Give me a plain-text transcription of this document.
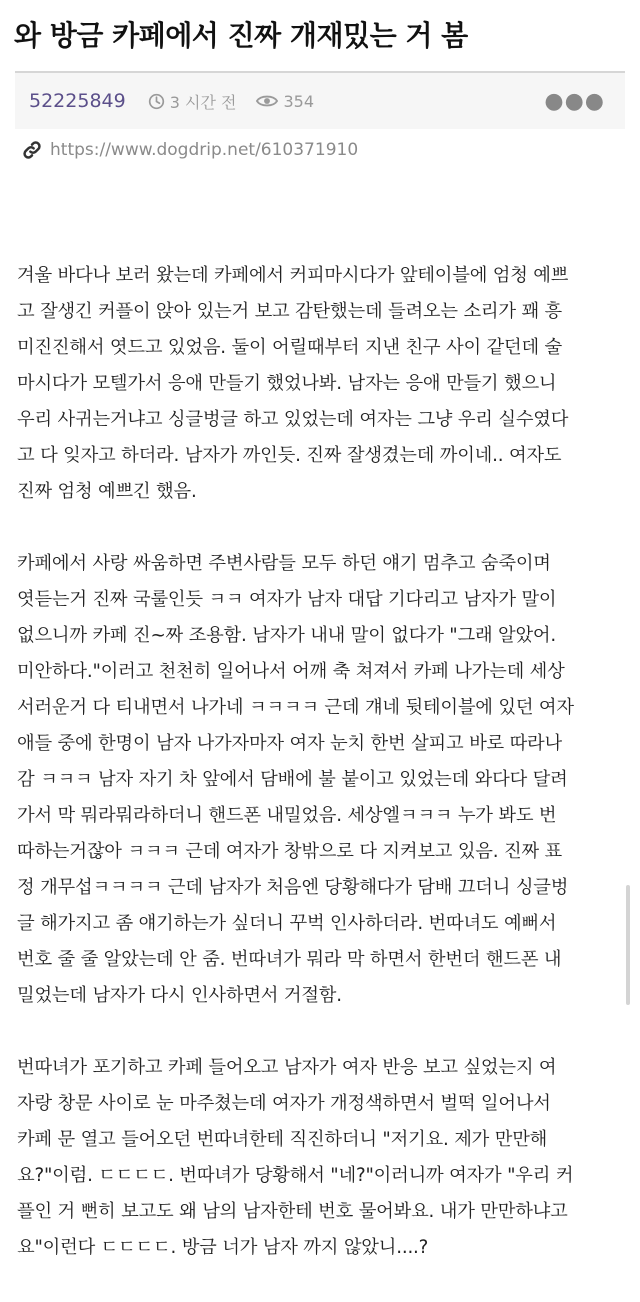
와 방금 카페에서 진짜 개재밌는 거 봄
52225849	3 시간 전	354	●●●
https://www.dogdrip.net/610371910

겨울 바다나 보러 왔는데 카페에서 커피마시다가 앞테이블에 엄청 예쁘
고 잘생긴 커플이 앉아 있는거 보고 감탄했는데 들려오는 소리가 꽤 흥
미진진해서 엿드고 있었음. 둘이 어릴때부터 지낸 친구 사이 같던데 술
마시다가 모텔가서 응애 만들기 했었나봐. 남자는 응애 만들기 했으니
우리 사귀는거냐고 싱글벙글 하고 있었는데 여자는 그냥 우리 실수였다
고 다 잊자고 하더라. 남자가 까인듯. 진짜 잘생겼는데 까이네.. 여자도
진짜 엄청 예쁘긴 했음.

카페에서 사랑 싸움하면 주변사람들 모두 하던 얘기 멈추고 숨죽이며
엿듣는거 진짜 국룰인듯 ㅋㅋ 여자가 남자 대답 기다리고 남자가 말이
없으니까 카페 진~짜 조용함. 남자가 내내 말이 없다가 "그래 알았어.
미안하다."이러고 천천히 일어나서 어깨 축 쳐져서 카페 나가는데 세상
서러운거 다 티내면서 나가네 ㅋㅋㅋㅋ 근데 걔네 뒷테이블에 있던 여자
애들 중에 한명이 남자 나가자마자 여자 눈치 한번 살피고 바로 따라나
감 ㅋㅋㅋ 남자 자기 차 앞에서 담배에 불 붙이고 있었는데 와다다 달려
가서 막 뭐라뭐라하더니 핸드폰 내밀었음. 세상엘ㅋㅋㅋ 누가 봐도 번
따하는거잖아 ㅋㅋㅋ 근데 여자가 창밖으로 다 지켜보고 있음. 진짜 표
정 개무섭ㅋㅋㅋㅋ 근데 남자가 처음엔 당황해다가 담배 끄더니 싱글벙
글 해가지고 좀 얘기하는가 싶더니 꾸벅 인사하더라. 번따녀도 예뻐서
번호 줄 줄 알았는데 안 줌. 번따녀가 뭐라 막 하면서 한번더 핸드폰 내
밀었는데 남자가 다시 인사하면서 거절함.

번따녀가 포기하고 카페 들어오고 남자가 여자 반응 보고 싶었는지 여
자랑 창문 사이로 눈 마주쳤는데 여자가 개정색하면서 벌떡 일어나서
카페 문 열고 들어오던 번따녀한테 직진하더니 "저기요. 제가 만만해
요?"이럼. ㄷㄷㄷㄷ. 번따녀가 당황해서 "네?"이러니까 여자가 "우리 커
플인 거 뻔히 보고도 왜 남의 남자한테 번호 물어봐요. 내가 만만하냐고
요"이런다 ㄷㄷㄷㄷ. 방금 너가 남자 까지 않았니....?
